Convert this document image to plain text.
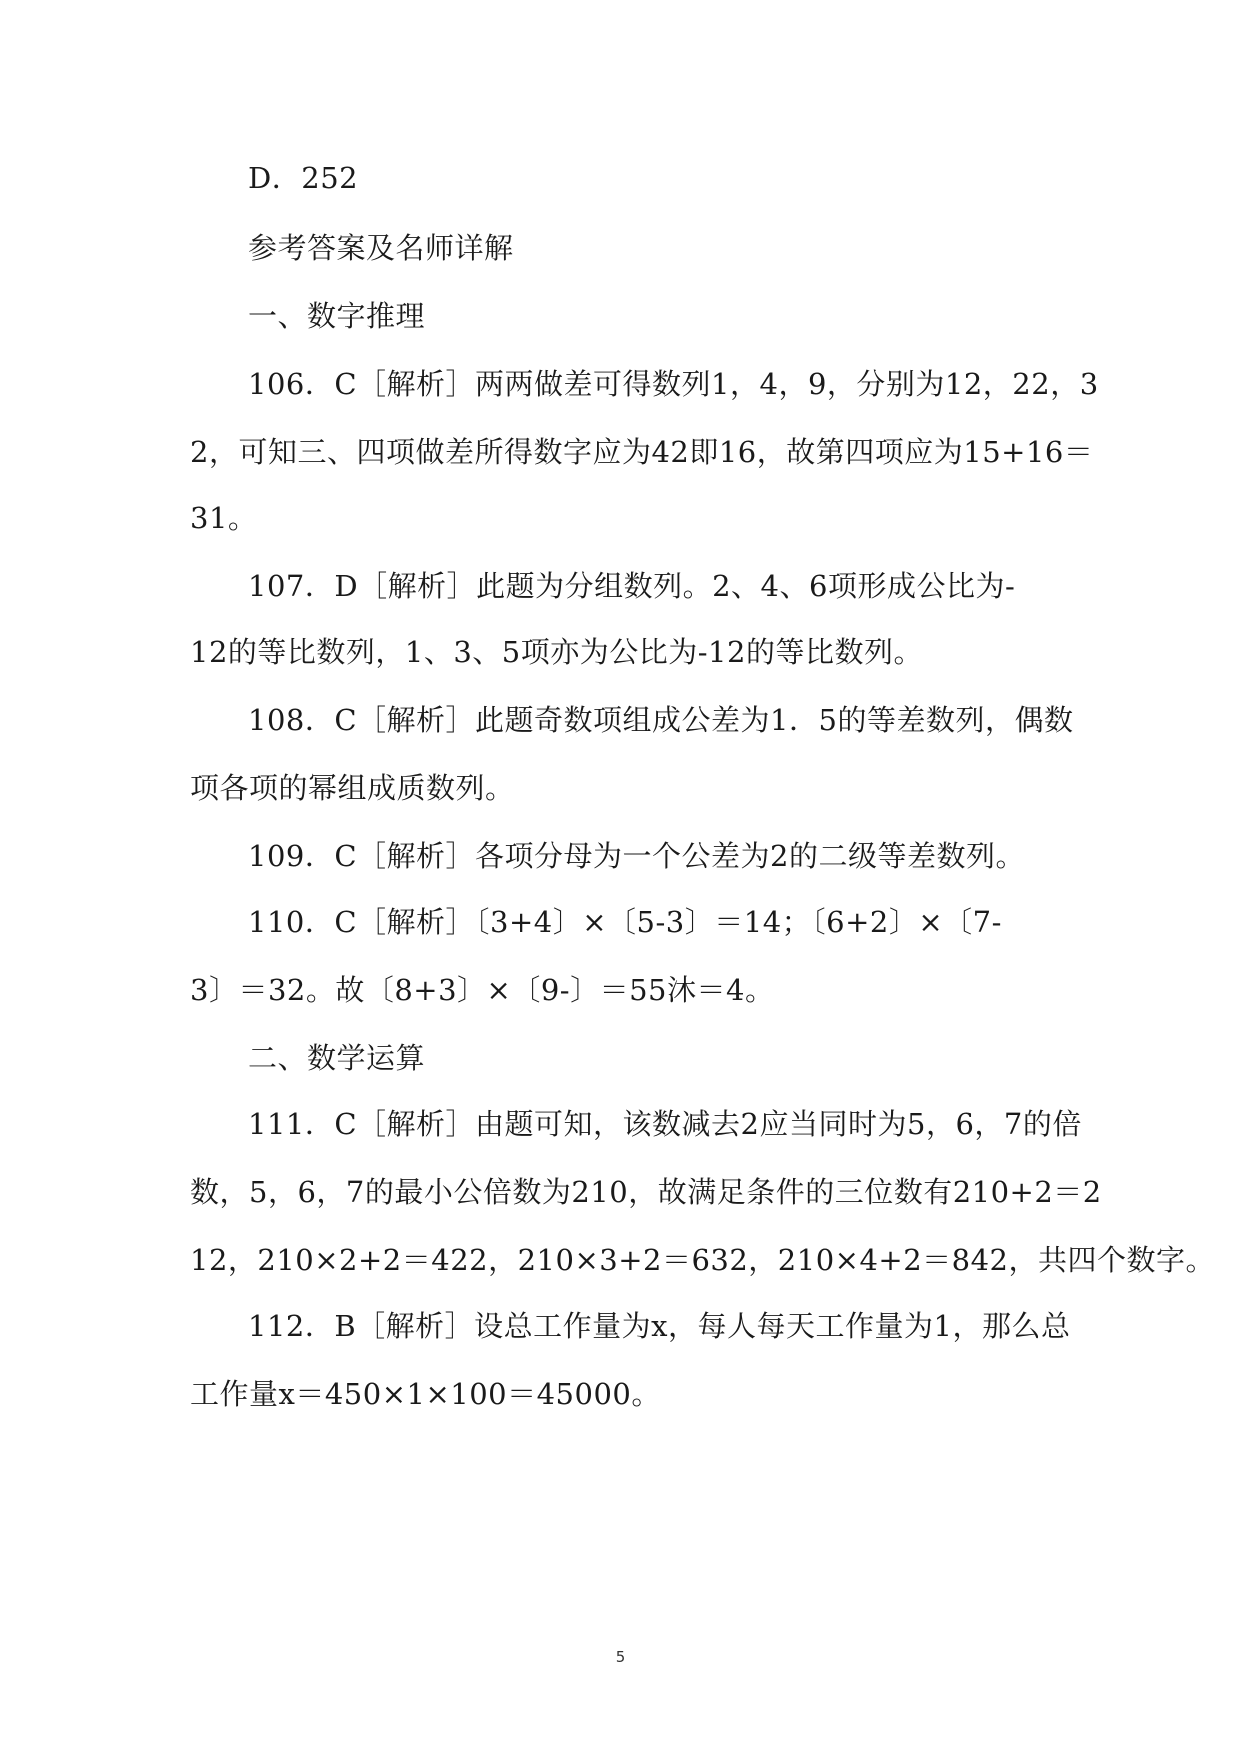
D．252
参考答案及名师详解
一、数字推理
106．C［解析］两两做差可得数列1，4，9，分别为12，22，3
2，可知三、四项做差所得数字应为42即16，故第四项应为15+16＝
31。
107．D［解析］此题为分组数列。2、4、6项形成公比为-
12的等比数列，1、3、5项亦为公比为-12的等比数列。
108．C［解析］此题奇数项组成公差为1．5的等差数列，偶数
项各项的幂组成质数列。
109．C［解析］各项分母为一个公差为2的二级等差数列。
110．C［解析］〔3+4〕×〔5-3〕＝14；〔6+2〕×〔7-
3〕＝32。故〔8+3〕×〔9-〕＝55沐＝4。
二、数学运算
111．C［解析］由题可知，该数减去2应当同时为5，6，7的倍
数，5，6，7的最小公倍数为210，故满足条件的三位数有210+2＝2
12，210×2+2＝422，210×3+2＝632，210×4+2＝842，共四个数字。
112．B［解析］设总工作量为x，每人每天工作量为1，那么总
工作量x＝450×1×100＝45000。
5
